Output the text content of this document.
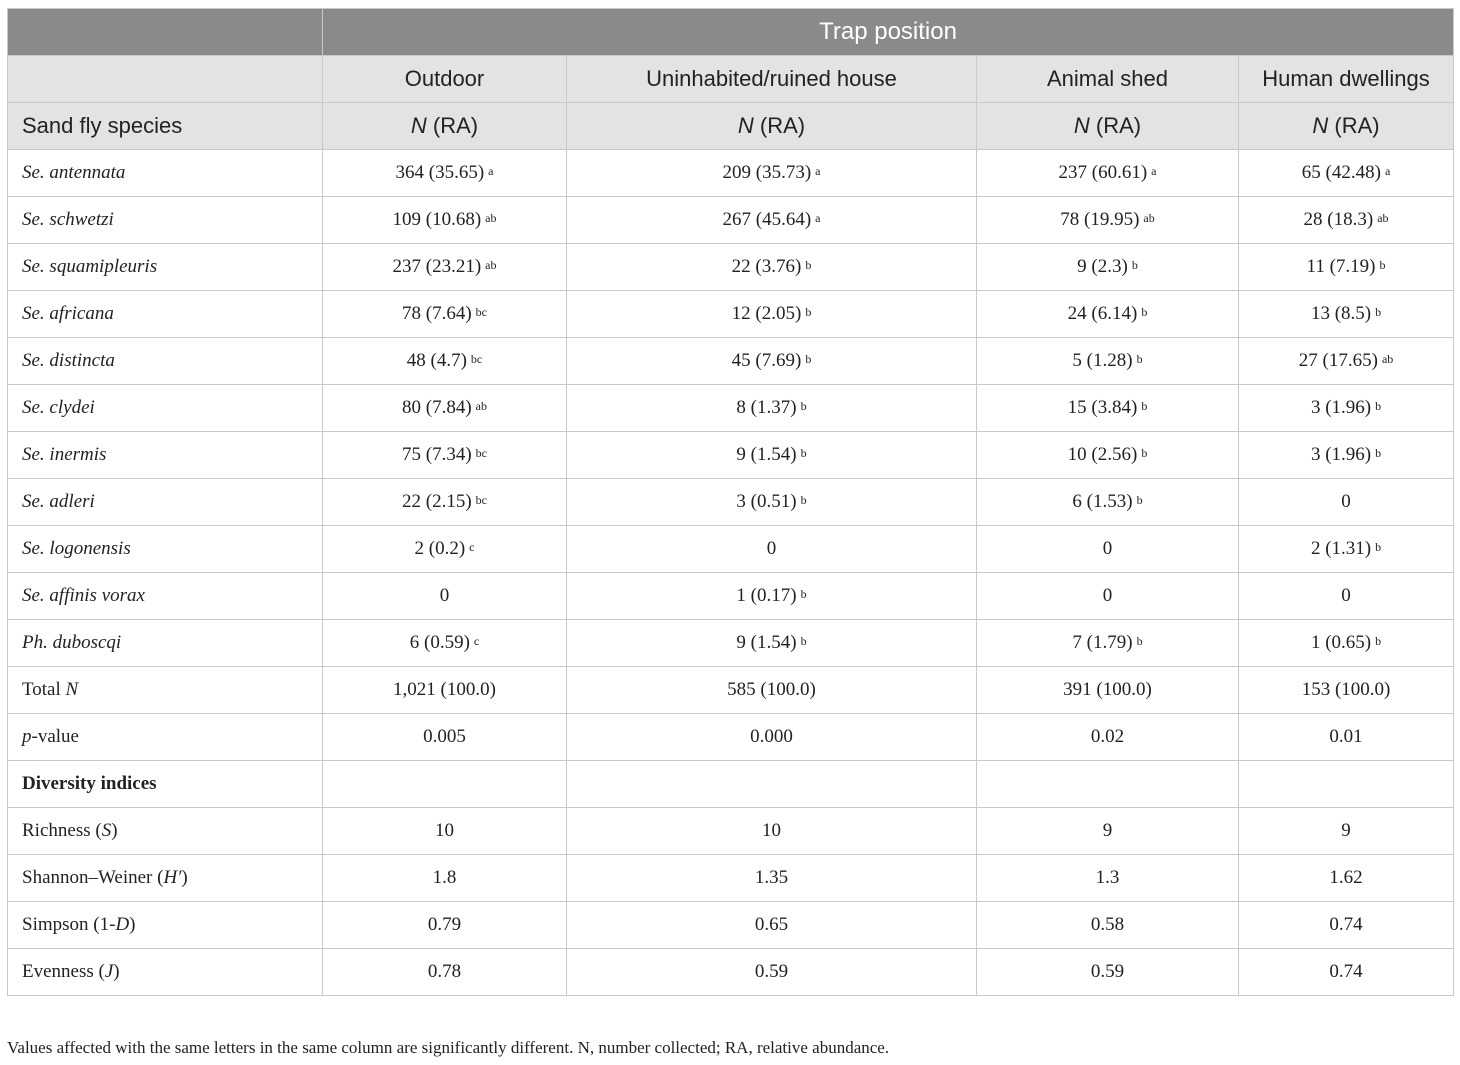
	Trap position			
	Outdoor	Uninhabited/ruined house	Animal shed	Human dwellings
Sand fly species	N (RA)	N (RA)	N (RA)	N (RA)
Se. antennata	364 (35.65) $^a$	209 (35.73) $^a$	237 (60.61) $^a$	65 (42.48) $^a$
Se. schwetzi	109 (10.68) $^{ab}$	267 (45.64) $^a$	78 (19.95) $^{ab}$	28 (18.3) $^{ab}$
Se. squamipleuris	237 (23.21) $^{ab}$	22 (3.76) $^b$	9 (2.3) $^b$	11 (7.19) $^b$
Se. africana	78 (7.64) $^{bc}$	12 (2.05) $^b$	24 (6.14) $^b$	13 (8.5) $^b$
Se. distincta	48 (4.7) $^{bc}$	45 (7.69) $^b$	5 (1.28) $^b$	27 (17.65) $^{ab}$
Se. clydei	80 (7.84) $^{ab}$	8 (1.37) $^b$	15 (3.84) $^b$	3 (1.96) $^b$
Se. inermis	75 (7.34) $^{bc}$	9 (1.54) $^b$	10 (2.56) $^b$	3 (1.96) $^b$
Se. adleri	22 (2.15) $^{bc}$	3 (0.51) $^b$	6 (1.53) $^b$	0
Se. logonensis	2 (0.2) $^c$	0	0	2 (1.31) $^b$
Se. affinis vorax	0	1 (0.17) $^b$	0	0
Ph. duboscqi	6 (0.59) $^c$	9 (1.54) $^b$	7 (1.79) $^b$	1 (0.65) $^b$
Total N	1,021 (100.0)	585 (100.0)	391 (100.0)	153 (100.0)
p-value	0.005	0.000	0.02	0.01
Diversity indices				
Richness (S)	10	10	9	9
Shannon–Weiner (H′)	1.8	1.35	1.3	1.62
Simpson (1-D)	0.79	0.65	0.58	0.74
Evenness (J)	0.78	0.59	0.59	0.74
Values affected with the same letters in the same column are significantly different. N, number collected; RA, relative abundance.
